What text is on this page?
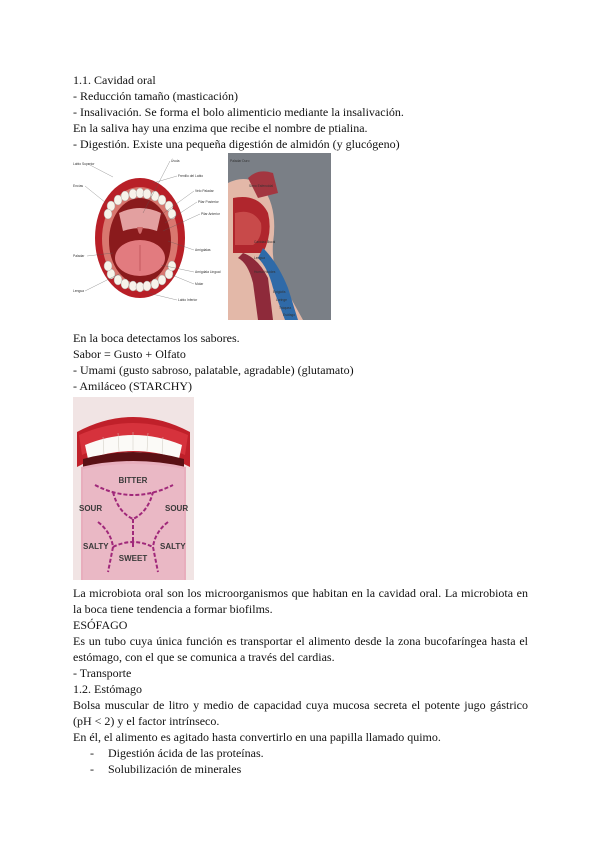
1.1. Cavidad oral
- Reducción tamaño (masticación)
- Insalivación. Se forma el bolo alimenticio mediante la insalivación.
En la saliva hay una enzima que recibe el nombre de ptialina.
- Digestión. Existe una pequeña digestión de almidón (y glucógeno)
Labio Superior
Encías
Paladar
Lengua
Úvula
Frenillo del Labio
Velo Paladar
Pilar Posterior
Pilar Anterior
Amígdalas
Amígdala Lingual
Molar
Labio Inferior
Paladar Duro
Seno Esfenoidal
Cavidad Bucal
Lengua
Hueso Hioides
Epiglotis
Laringe
Tráquea
Esófago
En la boca detectamos los sabores.
Sabor = Gusto + Olfato
- Umami (gusto sabroso, palatable, agradable) (glutamato)
- Amiláceo (STARCHY)
BITTER
SOUR	SOUR
SALTY	SALTY
SWEET
La microbiota oral son los microorganismos que habitan en la cavidad oral. La microbiota en la boca tiene tendencia a formar biofilms.
ESÓFAGO
Es un tubo cuya única función es transportar el alimento desde la zona bucofaríngea hasta el estómago, con el que se comunica a través del cardias.
- Transporte
1.2. Estómago
Bolsa muscular de litro y medio de capacidad cuya mucosa secreta el potente jugo gástrico (pH < 2) y el factor intrínseco.
En él, el alimento es agitado hasta convertirlo en una papilla llamado quimo.
- Digestión ácida de las proteínas.
- Solubilización de minerales
